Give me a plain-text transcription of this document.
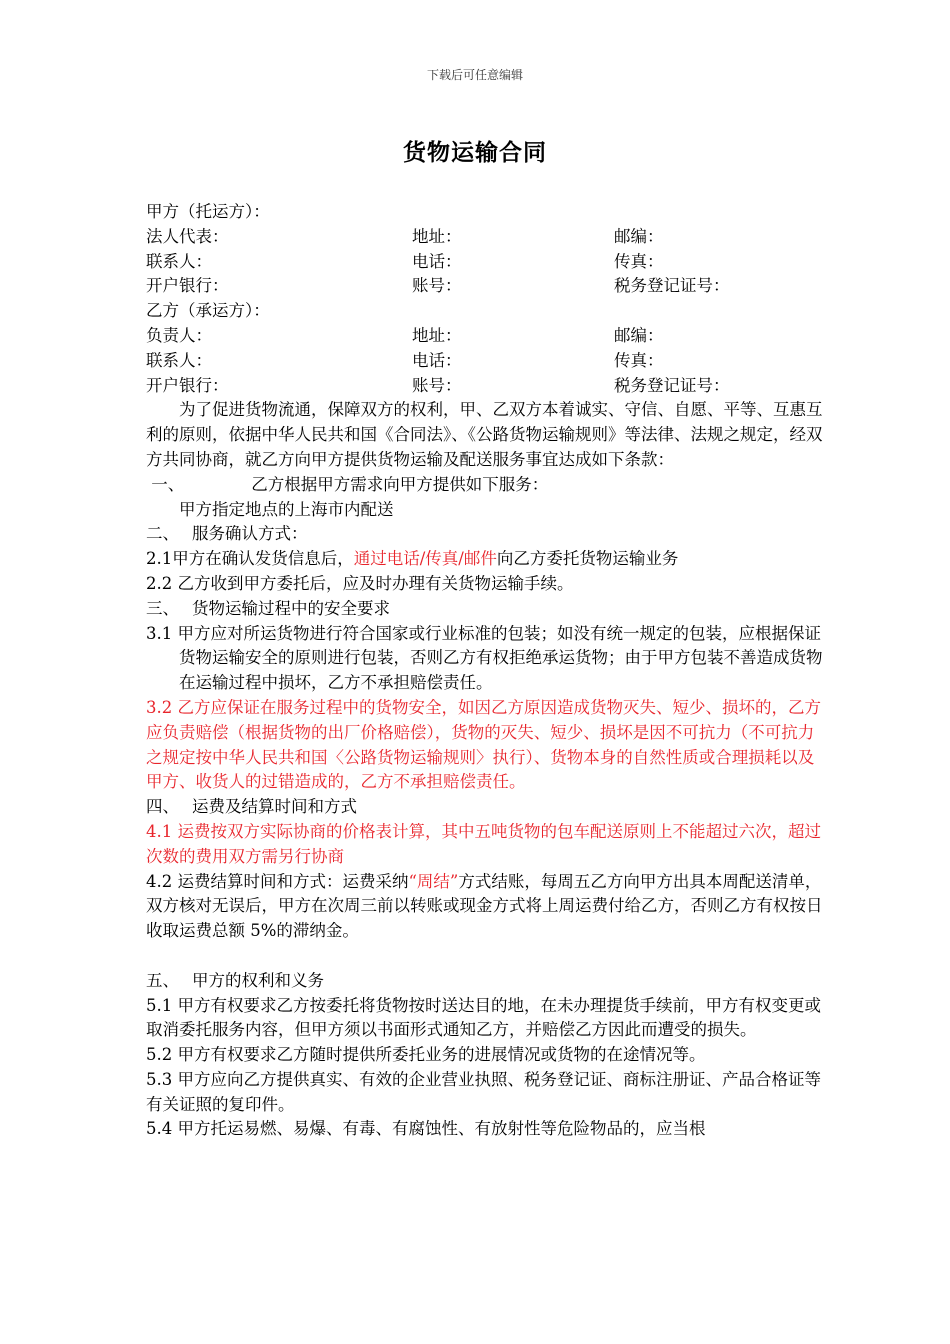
下载后可任意编辑
货物运输合同
甲方（托运方）：
法人代表：	地址：	邮编：
联系人：	电话：	传真：
开户银行：	账号：	税务登记证号：
乙方（承运方）：
负责人：	地址：	邮编：
联系人：	电话：	传真：
开户银行：	账号：	税务登记证号：

为了促进货物流通，保障双方的权利，甲、乙双方本着诚实、守信、自愿、平等、互惠互利的原则，依据中华人民共和国《合同法》、《公路货物运输规则》等法律、法规之规定，经双方共同协商，就乙方向甲方提供货物运输及配送服务事宜达成如下条款：

一、	乙方根据甲方需求向甲方提供如下服务：
甲方指定地点的上海市内配送
二、 服务确认方式：
2.1甲方在确认发货信息后，通过电话/传真/邮件向乙方委托货物运输业务
2.2 乙方收到甲方委托后，应及时办理有关货物运输手续。
三、 货物运输过程中的安全要求

3.1 甲方应对所运货物进行符合国家或行业标准的包装；如没有统一规定的包装，应根据保证货物运输安全的原则进行包装，否则乙方有权拒绝承运货物；由于甲方包装不善造成货物在运输过程中损坏，乙方不承担赔偿责任。

3.2 乙方应保证在服务过程中的货物安全，如因乙方原因造成货物灭失、短少、损坏的，乙方应负责赔偿（根据货物的出厂价格赔偿），货物的灭失、短少、损坏是因不可抗力（不可抗力之规定按中华人民共和国〈公路货物运输规则〉执行）、货物本身的自然性质或合理损耗以及甲方、收货人的过错造成的，乙方不承担赔偿责任。

四、 运费及结算时间和方式

4.1 运费按双方实际协商的价格表计算，其中五吨货物的包车配送原则上不能超过六次，超过次数的费用双方需另行协商

4.2 运费结算时间和方式：运费采纳“周结”方式结账，每周五乙方向甲方出具本周配送清单，双方核对无误后，甲方在次周三前以转账或现金方式将上周运费付给乙方，否则乙方有权按日收取运费总额 5%的滞纳金。

五、 甲方的权利和义务

5.1 甲方有权要求乙方按委托将货物按时送达目的地，在未办理提货手续前，甲方有权变更或取消委托服务内容，但甲方须以书面形式通知乙方，并赔偿乙方因此而遭受的损失。

5.2 甲方有权要求乙方随时提供所委托业务的进展情况或货物的在途情况等。

5.3 甲方应向乙方提供真实、有效的企业营业执照、税务登记证、商标注册证、产品合格证等有关证照的复印件。

5.4 甲方托运易燃、易爆、有毒、有腐蚀性、有放射性等危险物品的，应当根
